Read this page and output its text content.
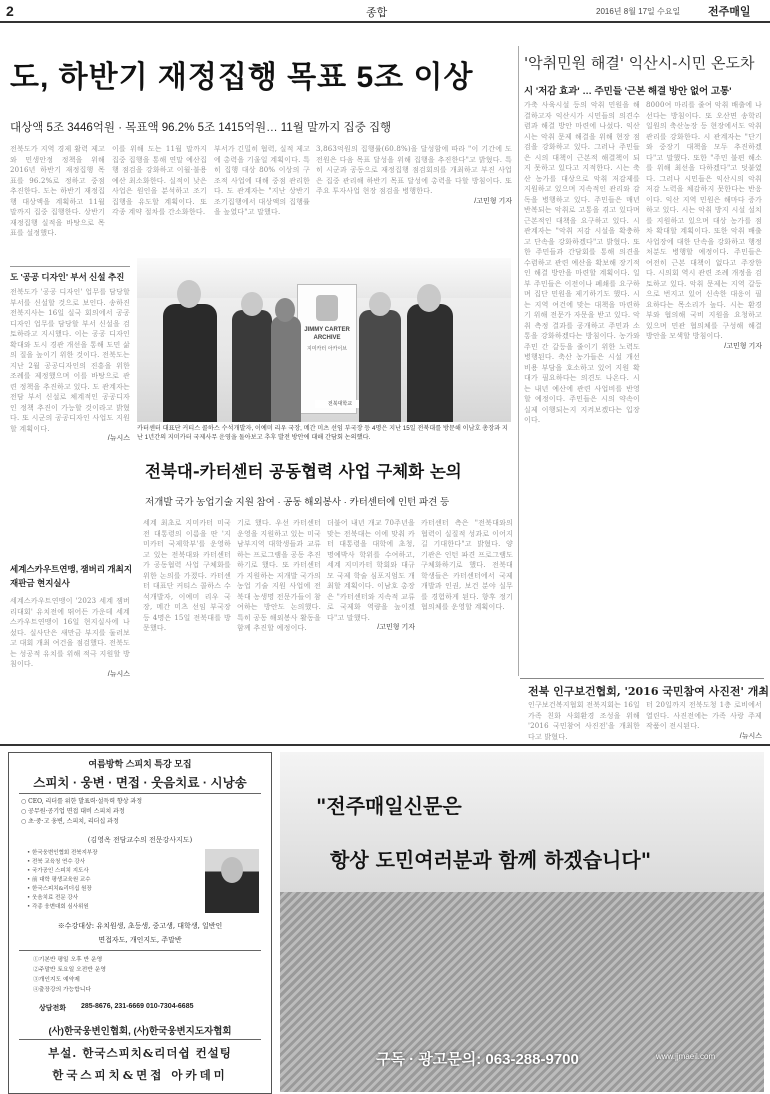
2	종합	2016년 8월 17일 수요일	전주매일
도, 하반기 재정집행 목표 5조 이상
대상액 5조 3446억원 · 목표액 96.2% 5조 1415억원… 11월 말까지 집중 집행
'악취민원 해결' 익산시-시민 온도차
시 '저감 효과' … 주민들 '근본 해결 방안 없어 고통'
전북도가 지역 경제 활력 제고와 민생안정 정책을 위해 2016년 하반기 재정집행 목표를 96.2%로 정하고 중점 추진한다. 도는 하반기 재정집행 대상액을 계획하고 11월 말까지 집중 집행한다. 상반기 재정집행 실적을 바탕으로 목표를 설정했다.
이를 위해 도는 11월 말까지 집중 집행을 통해 연말 예산집행 점검을 강화하고 이월·불용예산 최소화한다. 실적이 낮은 사업은 원인을 분석하고 조기 집행을 유도할 계획이다. 또 각종 계약 절차를 간소화한다.
부서가 긴밀히 협력, 실적 제고에 총력을 기울일 계획이다. 특히 집행 대상 80% 이상의 구조적 사업에 대해 중점 관리한다. 도 관계자는 "지난 상반기 조기집행에서 대상액의 집행률을 높였다"고 말했다.
3,863억원의 집행률(60.8%)을 달성함에 따라 "이 기간에 도 전원은 다음 목표 달성을 위해 집행을 추진한다"고 밝혔다. 특히 시군과 공동으로 재정집행 점검회의를 개최하고 부진 사업은 집중 관리해 하반기 목표 달성에 총력을 다할 방침이다. 또 주요 투자사업 현장 점검을 병행한다.
/고민형 기자
가축 사육시설 등의 악취 민원을 해결하고자 익산시가 시민들의 의견수렴과 해결 방안 마련에 나섰다. 익산시는 악취 문제 해결을 위해 현장 점검을 강화하고 있다. 그러나 주민들은 시의 대책이 근본적 해결책이 되지 못하고 있다고 지적한다. 시는 축산 농가를 대상으로 악취 저감제를 지원하고 있으며 지속적인 관리와 감독을 병행하고 있다. 주민들은 매년 반복되는 악취로 고통을 겪고 있다며 근본적인 대책을 요구하고 있다. 시 관계자는 "악취 저감 시설을 확충하고 단속을 강화하겠다"고 밝혔다. 또한 주민들과 간담회를 통해 의견을 수렴하고 관련 예산을 확보해 장기적인 해결 방안을 마련할 계획이다. 일부 주민들은 이전이나 폐쇄를 요구하며 집단 민원을 제기하기도 했다. 시는 지역 여건에 맞는 대책을 마련하기 위해 전문가 자문을 받고 있다. 악취 측정 결과를 공개하고 주민과 소통을 강화하겠다는 방침이다. 농가와 주민 간 갈등을 줄이기 위한 노력도 병행된다. 축산 농가들은 시설 개선 비용 부담을 호소하고 있어 지원 확대가 필요하다는 의견도 나온다. 시는 내년 예산에 관련 사업비를 반영할 예정이다. 주민들은 시의 약속이 실제 이행되는지 지켜보겠다는 입장이다.
8000여 마리를 줄여 악취 배출에 나선다는 방침이다. 또 오산면 송학리 일원의 축산농장 등 현장에서도 악취 관리를 강화한다. 시 관계자는 "단기와 중장기 대책을 모두 추진하겠다"고 말했다. 또한 "주민 불편 해소를 위해 최선을 다하겠다"고 덧붙였다. 그러나 시민들은 익산시의 악취 저감 노력을 체감하지 못한다는 반응이다. 익산 지역 민원은 해마다 증가하고 있다. 시는 악취 방지 시설 설치를 지원하고 있으며 대상 농가를 점차 확대할 계획이다. 또한 악취 배출 사업장에 대한 단속을 강화하고 행정처분도 병행할 예정이다. 주민들은 여전히 근본 대책이 없다고 주장한다. 시의회 역시 관련 조례 개정을 검토하고 있다. 악취 문제는 지역 갈등으로 번지고 있어 신속한 대응이 필요하다는 목소리가 높다. 시는 환경부와 협의해 국비 지원을 요청하고 있으며 민관 협의체를 구성해 해결 방안을 모색할 방침이다.
/고민형 기자
도 '공공 디자인' 부서 신설 추진
전북도가 '공공 디자인' 업무를 담당할 부서를 신설할 것으로 보인다. 송하진 전북지사는 16일 실국 회의에서 공공디자인 업무를 담당할 부서 신설을 검토하라고 지시했다. 이는 공공 디자인 확대와 도시 경관 개선을 통해 도민 삶의 질을 높이기 위한 것이다. 전북도는 지난 2월 공공디자인의 진흥을 위한 조례를 제정했으며 이를 바탕으로 관련 정책을 추진하고 있다. 도 관계자는 전담 부서 신설로 체계적인 공공디자인 정책 추진이 가능할 것이라고 밝혔다. 또 시군의 공공디자인 사업도 지원할 계획이다.
/뉴시스
세계스카우트연맹, 잼버리 개최지 재판금 현지실사
세계스카우트연맹이 '2023 세계 잼버리대회' 유치전에 뛰어든 가운데 세계스카우트연맹이 16일 현지실사에 나섰다. 실사단은 새만금 부지를 둘러보고 대회 개최 여건을 점검했다. 전북도는 성공적 유치를 위해 적극 지원할 방침이다.
/뉴시스
JIMMY CARTER
ARCHIVE
지미카터 아카이브
전북대학교
카터센터 대표단 커티스 콜하스 수석개발자, 이예미 리우 국장, 메간 미츠 선임 부국장 등 4명은 지난 15일 전북대를 방문해 이남호 총장과 지난 1년간의 지미카터 국제사무 운영을 돌아보고 추후 발전 방안에 대해 간담회 논의했다.
전북대-카터센터 공동협력 사업 구체화 논의
저개발 국가 농업기술 지원 참여 · 공동 해외봉사 · 카터센터에 인턴 파견 등
세계 최초로 지미카터 미국 전 대통령의 이름을 딴 '지미카터 국제학부'를 운영하고 있는 전북대와 카터센터가 공동협력 사업 구체화를 위한 논의를 가졌다. 카터센터 대표단 커티스 콜하스 수석개발자, 이예미 리우 국장, 메간 미츠 선임 부국장 등 4명은 15일 전북대를 방문했다.
기로 했다. 우선 카터센터 운영을 지원하고 있는 미국 남부지역 대학생들과 교류하는 프로그램을 공동 추진하기로 했다. 또 카터센터가 지원하는 저개발 국가의 농업 기술 지원 사업에 전북대 농생명 전문가들이 참여하는 방안도 논의했다. 특히 공동 해외봉사 활동을 함께 추진할 예정이다.
더불어 내년 개교 70주년을 맞는 전북대는 이에 맞춰 카터 대통령을 대학에 초청, 명예박사 학위를 수여하고, 세계 지미카터 학회와 대규모 국제 학술 심포지엄도 개최할 계획이다. 이남호 총장은 "카터센터와 지속적 교류로 국제화 역량을 높이겠다"고 말했다.
/고민형 기자
카터센터 측은 "전북대와의 협력이 실질적 성과로 이어지길 기대한다"고 밝혔다. 양 기관은 인턴 파견 프로그램도 구체화하기로 했다. 전북대 학생들은 카터센터에서 국제 개발과 인권, 보건 분야 실무를 경험하게 된다. 향후 정기 협의체를 운영할 계획이다.
전북 인구보건협회, '2016 국민참여 사진전' 개최
인구보건복지협회 전북지회는 16일 가족 친화 사회환경 조성을 위해 '2016 국민참여 사진전'을 개최한다고 밝혔다.
터 20일까지 전북도청 1층 로비에서 열린다. 사진전에는 가족 사랑 주제 작품이 전시된다.
/뉴시스
여름방학 스피치 특강 모집
스피치 · 웅변 · 면접 · 웃음치료 · 시낭송
○ CEO, 리더를 위한 발표력·설득력 향상 과정
○ 공무원·공기업 면접 대비 스피치 과정
○ 초·중·고 웅변, 스피치, 리더십 과정
(김영옥 전담교수의 전문강사지도)
• 한국웅변인협회 전북지부장
• 전북 교육청 연수 강사
• 국가공인 스피치 지도사
• 前 대학 평생교육원 교수
• 한국스피치&리더십 원장
• 웃음치료 전문 강사
• 각종 웅변대회 심사위원
※수강대상: 유치원생, 초등생, 중고생, 대학생, 일반인
면접자도, 개인지도, 주말반
①기본반 평일 오후 반 운영
②주말반 토요일 오전반 운영
③개인지도 예약제
④출장강의 가능합니다
상담전화 285-8676, 231-6669 010-7304-6685
(사)한국웅변인협회, (사)한국웅변지도자협회
부설. 한국스피치&리더쉽 컨설팅
한국스피치&면접 아카데미
"전주매일신문은
항상 도민여러분과 함께 하겠습니다"
구독 · 광고문의: 063-288-9700	www.jjmaeil.com
